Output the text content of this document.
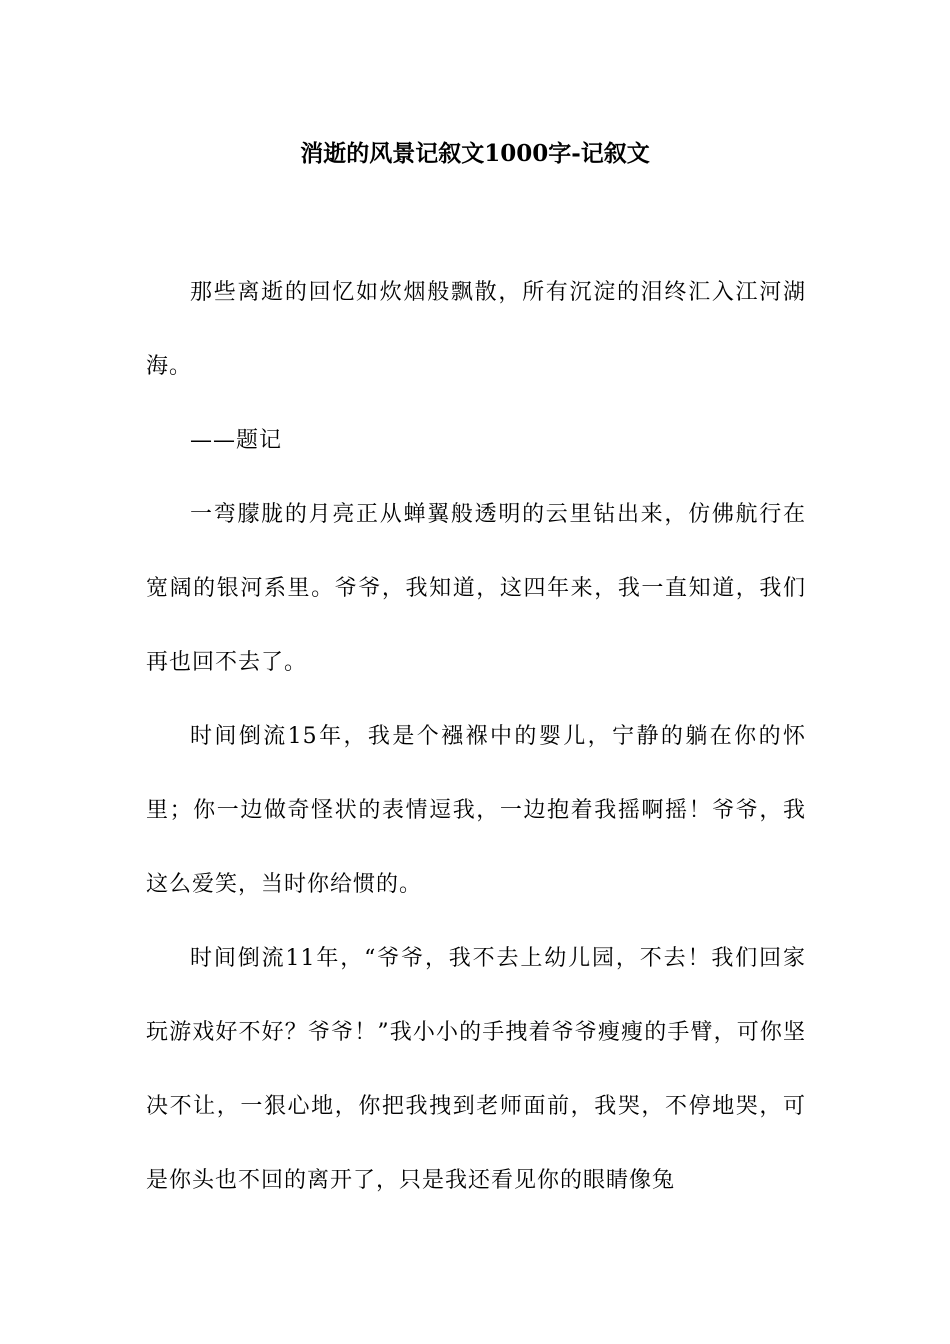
消逝的风景记叙文1000字-记叙文

那些离逝的回忆如炊烟般飘散，所有沉淀的泪终汇入江河湖海。

——题记

一弯朦胧的月亮正从蝉翼般透明的云里钻出来，仿佛航行在宽阔的银河系里。爷爷，我知道，这四年来，我一直知道，我们再也回不去了。

时间倒流15年，我是个襁褓中的婴儿，宁静的躺在你的怀里；你一边做奇怪状的表情逗我，一边抱着我摇啊摇！爷爷，我这么爱笑，当时你给惯的。

时间倒流11年，“爷爷，我不去上幼儿园，不去！我们回家玩游戏好不好？爷爷！”我小小的手拽着爷爷瘦瘦的手臂，可你坚决不让，一狠心地，你把我拽到老师面前，我哭，不停地哭，可是你头也不回的离开了，只是我还看见你的眼睛像兔
